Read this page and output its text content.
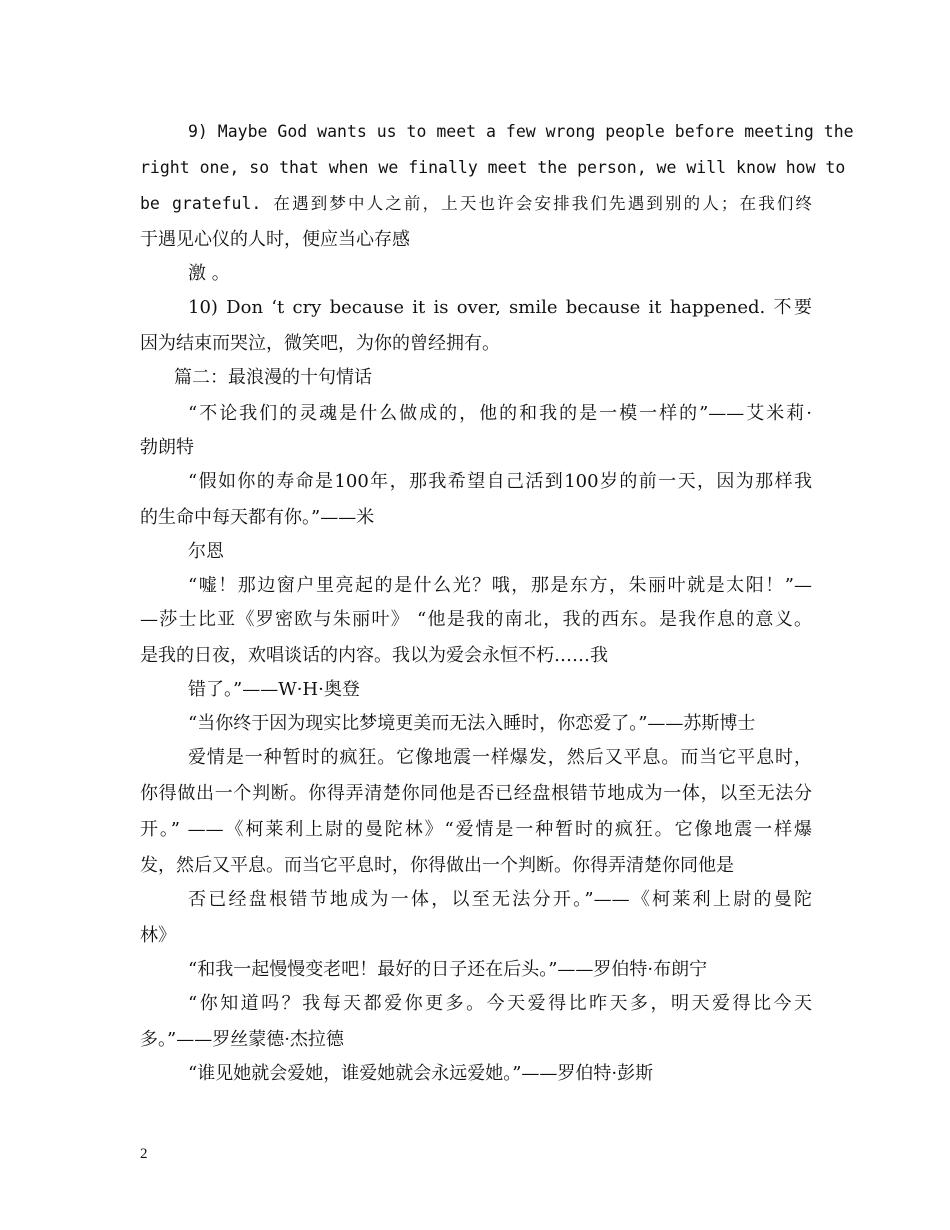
9) Maybe God wants us to meet a few wrong people before meeting the
right one, so that when we finally meet the person, we will know how to
be grateful. 在遇到梦中人之前，上天也许会安排我们先遇到别的人；在我们终
于遇见心仪的人时，便应当心存感
激 。
10) Don ‘t cry because it is over, smile because it happened. 不要
因为结束而哭泣，微笑吧，为你的曾经拥有。
篇二：最浪漫的十句情话
“不论我们的灵魂是什么做成的，他的和我的是一模一样的”——艾米莉·
勃朗特
“假如你的寿命是100年，那我希望自己活到100岁的前一天，因为那样我
的生命中每天都有你。”——米
尔恩
“嘘！那边窗户里亮起的是什么光？哦，那是东方，朱丽叶就是太阳！”—
—莎士比亚《罗密欧与朱丽叶》 “他是我的南北，我的西东。是我作息的意义。
是我的日夜，欢唱谈话的内容。我以为爱会永恒不朽……我
错了。”——W·H·奥登
“当你终于因为现实比梦境更美而无法入睡时，你恋爱了。”——苏斯博士
爱情是一种暂时的疯狂。它像地震一样爆发，然后又平息。而当它平息时，
你得做出一个判断。你得弄清楚你同他是否已经盘根错节地成为一体，以至无法分
开。” ——《柯莱利上尉的曼陀林》“爱情是一种暂时的疯狂。它像地震一样爆
发，然后又平息。而当它平息时，你得做出一个判断。你得弄清楚你同他是
否已经盘根错节地成为一体，以至无法分开。”——《柯莱利上尉的曼陀
林》
“和我一起慢慢变老吧！最好的日子还在后头。”——罗伯特·布朗宁
“你知道吗？我每天都爱你更多。今天爱得比昨天多，明天爱得比今天
多。”——罗丝蒙德·杰拉德
“谁见她就会爱她，谁爱她就会永远爱她。”——罗伯特·彭斯
2
